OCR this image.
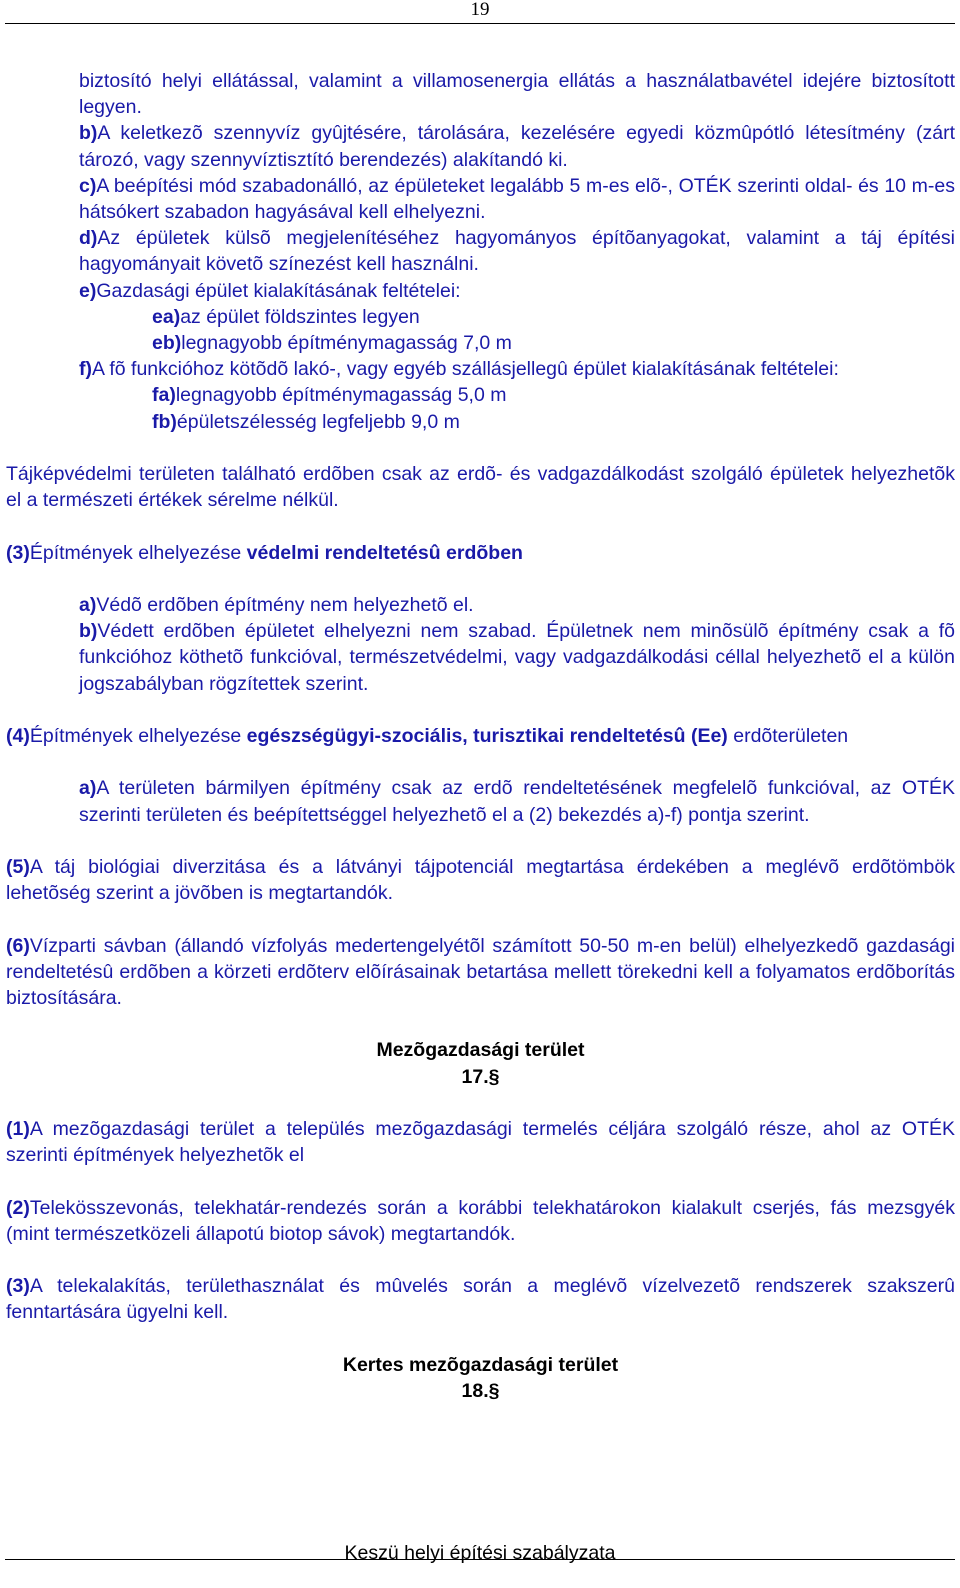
19

biztosító helyi ellátással, valamint a villamosenergia ellátás a használatbavétel idejére biztosított legyen.

b)A keletkezõ szennyvíz gyûjtésére, tárolására, kezelésére egyedi közmûpótló létesítmény (zárt tározó, vagy szennyvíztisztító berendezés) alakítandó ki.

c)A beépítési mód szabadonálló, az épületeket legalább 5 m-es elõ-, OTÉK szerinti oldal- és 10 m-es hátsókert szabadon hagyásával kell elhelyezni.

d)Az épületek külsõ megjelenítéséhez hagyományos építõanyagokat, valamint a táj építési hagyományait követõ színezést kell használni.

e)Gazdasági épület kialakításának feltételei:

ea)az épület földszintes legyen

eb)legnagyobb építménymagasság 7,0 m

f)A fõ funkcióhoz kötõdõ lakó-, vagy egyéb szállásjellegû épület kialakításának feltételei:

fa)legnagyobb építménymagasság 5,0 m

fb)épületszélesség legfeljebb 9,0 m

Tájképvédelmi területen található erdõben csak az erdõ- és vadgazdálkodást szolgáló épületek helyezhetõk el a természeti értékek sérelme nélkül.

(3)Építmények elhelyezése védelmi rendeltetésû erdõben

a)Védõ erdõben építmény nem helyezhetõ el.

b)Védett erdõben épületet elhelyezni nem szabad. Épületnek nem minõsülõ építmény csak a fõ funkcióhoz köthetõ funkcióval, természetvédelmi, vagy vadgazdálkodási céllal helyezhetõ el a külön jogszabályban rögzítettek szerint.

(4)Építmények elhelyezése egészségügyi-szociális, turisztikai rendeltetésû (Ee) erdõterületen

a)A területen bármilyen építmény csak az erdõ rendeltetésének megfelelõ funkcióval, az OTÉK szerinti területen és beépítettséggel helyezhetõ el a (2) bekezdés a)-f) pontja szerint.

(5)A táj biológiai diverzitása és a látványi tájpotenciál megtartása érdekében a meglévõ erdõtömbök lehetõség szerint a jövõben is megtartandók.

(6)Vízparti sávban (állandó vízfolyás medertengelyétõl számított 50-50 m-en belül) elhelyezkedõ gazdasági rendeltetésû erdõben a körzeti erdõterv elõírásainak betartása mellett törekedni kell a folyamatos erdõborítás biztosítására.

Mezõgazdasági terület

17.§

(1)A mezõgazdasági terület a település mezõgazdasági termelés céljára szolgáló része, ahol az OTÉK szerinti építmények helyezhetõk el

(2)Telekösszevonás, telekhatár-rendezés során a korábbi telekhatárokon kialakult cserjés, fás mezsgyék (mint természetközeli állapotú biotop sávok) megtartandók.

(3)A telekalakítás, területhasználat és mûvelés során a meglévõ vízelvezetõ rendszerek szakszerû fenntartására ügyelni kell.

Kertes mezõgazdasági terület

18.§

Keszü helyi építési szabályzata
